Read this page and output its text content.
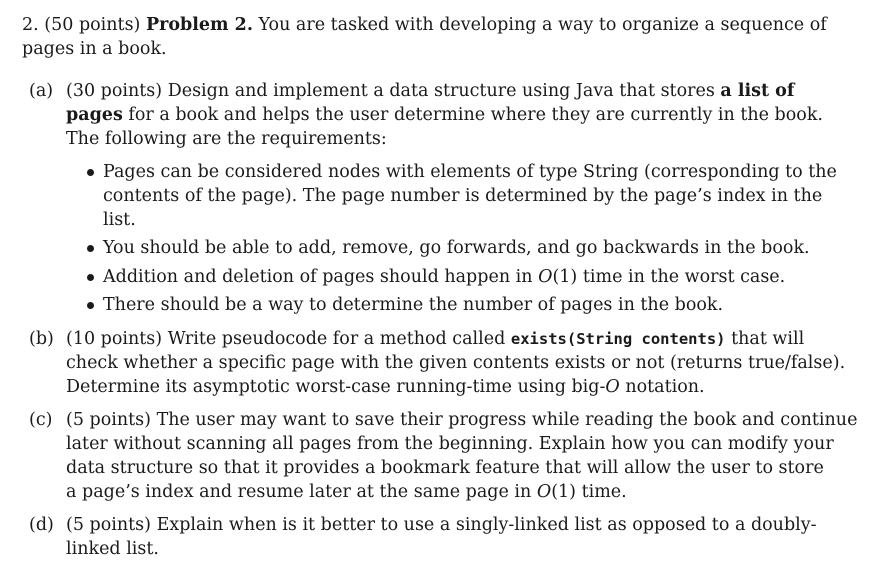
2. (50 points) Problem 2. You are tasked with developing a way to organize a sequence of
pages in a book.
(a) (30 points) Design and implement a data structure using Java that stores a list of
pages for a book and helps the user determine where they are currently in the book.
The following are the requirements:
Pages can be considered nodes with elements of type String (corresponding to the
contents of the page). The page number is determined by the page’s index in the
list.
You should be able to add, remove, go forwards, and go backwards in the book.
Addition and deletion of pages should happen in O(1) time in the worst case.
There should be a way to determine the number of pages in the book.
(b) (10 points) Write pseudocode for a method called exists(String contents) that will
check whether a specific page with the given contents exists or not (returns true/false).
Determine its asymptotic worst-case running-time using big-O notation.
(c) (5 points) The user may want to save their progress while reading the book and continue
later without scanning all pages from the beginning. Explain how you can modify your
data structure so that it provides a bookmark feature that will allow the user to store
a page’s index and resume later at the same page in O(1) time.
(d) (5 points) Explain when is it better to use a singly-linked list as opposed to a doubly-
linked list.
